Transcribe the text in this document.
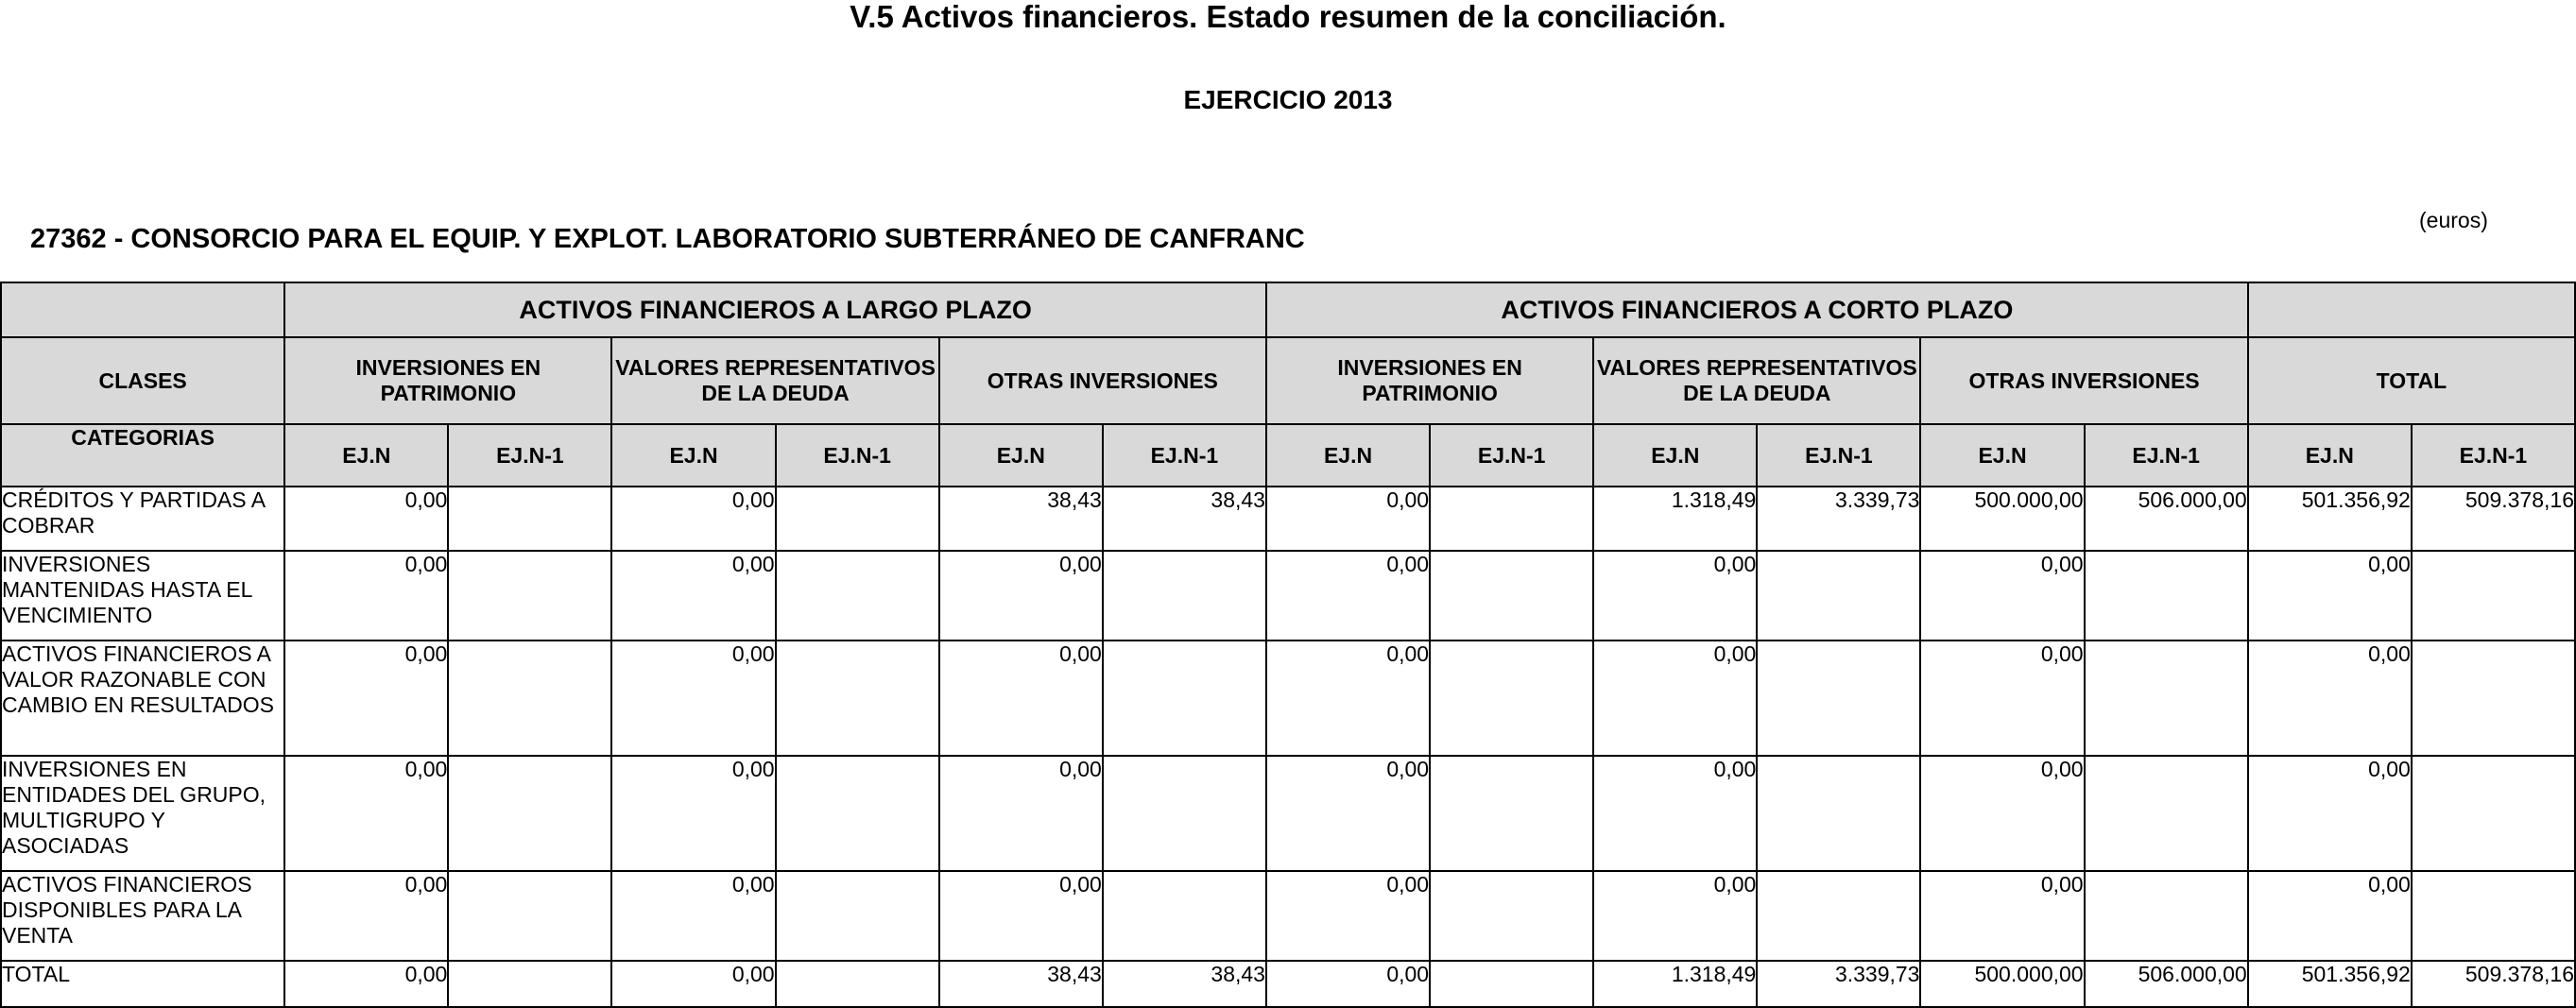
V.5 Activos financieros. Estado resumen de la conciliación.
EJERCICIO 2013
(euros)
27362 - CONSORCIO PARA EL EQUIP. Y EXPLOT. LABORATORIO SUBTERRÁNEO DE CANFRANC
	ACTIVOS FINANCIEROS A LARGO PLAZO						ACTIVOS FINANCIEROS A CORTO PLAZO							
CLASES	INVERSIONES EN PATRIMONIO		VALORES REPRESENTATIVOS DE LA DEUDA		OTRAS INVERSIONES		INVERSIONES EN PATRIMONIO		VALORES REPRESENTATIVOS DE LA DEUDA		OTRAS INVERSIONES		TOTAL	
CATEGORIAS	EJ.N	EJ.N-1	EJ.N	EJ.N-1	EJ.N	EJ.N-1	EJ.N	EJ.N-1	EJ.N	EJ.N-1	EJ.N	EJ.N-1	EJ.N	EJ.N-1
CRÉDITOS Y PARTIDAS A COBRAR	0,00		0,00		38,43	38,43	0,00		1.318,49	3.339,73	500.000,00	506.000,00	501.356,92	509.378,16
INVERSIONES MANTENIDAS HASTA EL VENCIMIENTO	0,00		0,00		0,00		0,00		0,00		0,00		0,00	
ACTIVOS FINANCIEROS A VALOR RAZONABLE CON CAMBIO EN RESULTADOS	0,00		0,00		0,00		0,00		0,00		0,00		0,00	
INVERSIONES EN ENTIDADES DEL GRUPO, MULTIGRUPO Y ASOCIADAS	0,00		0,00		0,00		0,00		0,00		0,00		0,00	
ACTIVOS FINANCIEROS DISPONIBLES PARA LA VENTA	0,00		0,00		0,00		0,00		0,00		0,00		0,00	
TOTAL	0,00		0,00		38,43	38,43	0,00		1.318,49	3.339,73	500.000,00	506.000,00	501.356,92	509.378,16
